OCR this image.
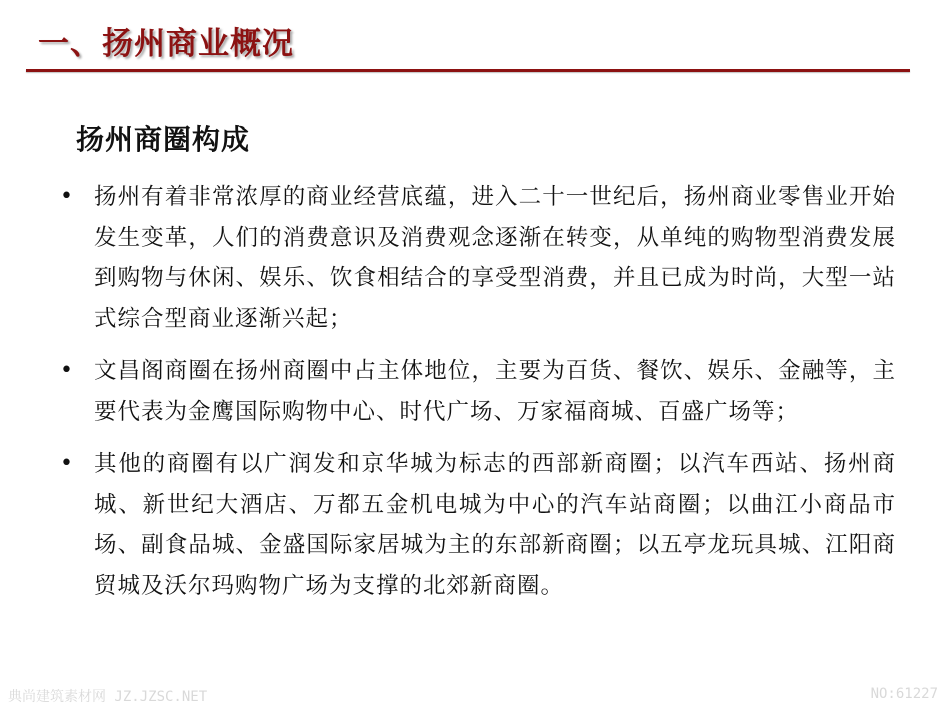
一、扬州商业概况
扬州商圈构成
• 扬州有着非常浓厚的商业经营底蕴，进入二十一世纪后，扬州商业零售业开始发生变革，人们的消费意识及消费观念逐渐在转变，从单纯的购物型消费发展到购物与休闲、娱乐、饮食相结合的享受型消费，并且已成为时尚，大型一站式综合型商业逐渐兴起；
• 文昌阁商圈在扬州商圈中占主体地位，主要为百货、餐饮、娱乐、金融等，主要代表为金鹰国际购物中心、时代广场、万家福商城、百盛广场等；
• 其他的商圈有以广润发和京华城为标志的西部新商圈；以汽车西站、扬州商城、新世纪大酒店、万都五金机电城为中心的汽车站商圈；以曲江小商品市场、副食品城、金盛国际家居城为主的东部新商圈；以五亭龙玩具城、江阳商贸城及沃尔玛购物广场为支撑的北郊新商圈。
典尚建筑素材网 JZ.JZSC.NET	NO:61227
